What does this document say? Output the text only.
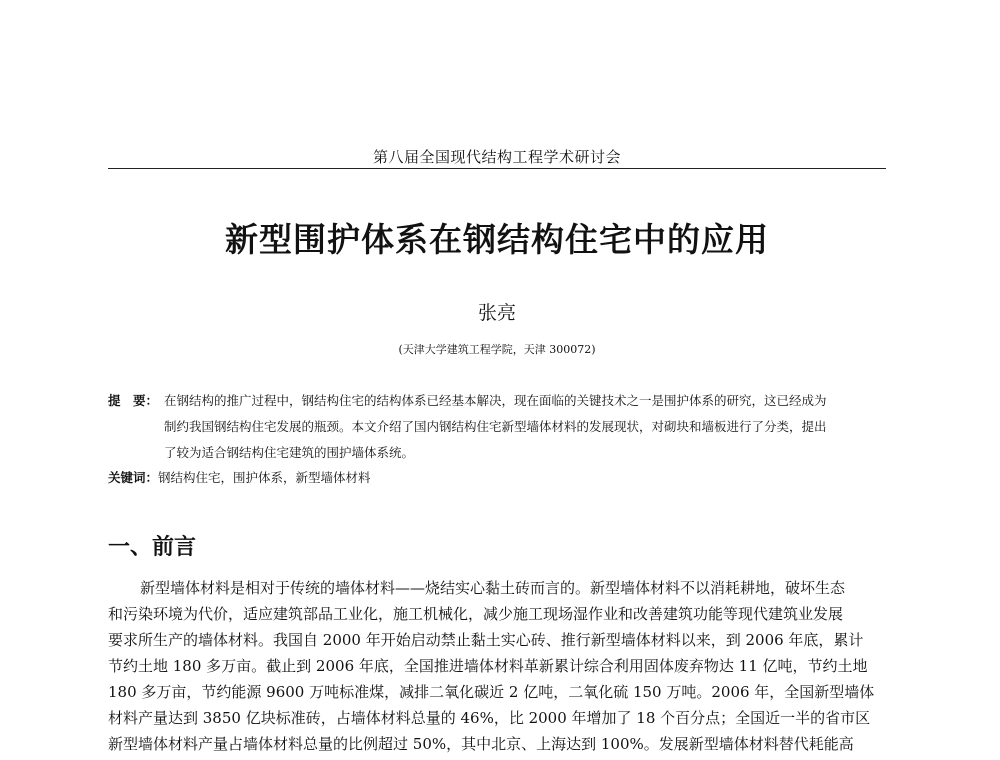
第八届全国现代结构工程学术研讨会
新型围护体系在钢结构住宅中的应用
张亮
(天津大学建筑工程学院，天津 300072)
提　要： 在钢结构的推广过程中，钢结构住宅的结构体系已经基本解决，现在面临的关键技术之一是围护体系的研究，这已经成为
制约我国钢结构住宅发展的瓶颈。本文介绍了国内钢结构住宅新型墙体材料的发展现状，对砌块和墙板进行了分类，提出
了较为适合钢结构住宅建筑的围护墙体系统。
关键词：钢结构住宅，围护体系，新型墙体材料
一、前言
新型墙体材料是相对于传统的墙体材料——烧结实心黏土砖而言的。新型墙体材料不以消耗耕地，破坏生态
和污染环境为代价，适应建筑部品工业化，施工机械化，减少施工现场湿作业和改善建筑功能等现代建筑业发展
要求所生产的墙体材料。我国自 2000 年开始启动禁止黏土实心砖、推行新型墙体材料以来，到 2006 年底，累计
节约土地 180 多万亩。截止到 2006 年底，全国推进墙体材料革新累计综合利用固体废弃物达 11 亿吨，节约土地
180 多万亩，节约能源 9600 万吨标准煤，减排二氧化碳近 2 亿吨，二氧化硫 150 万吨。2006 年，全国新型墙体
材料产量达到 3850 亿块标准砖，占墙体材料总量的 46%，比 2000 年增加了 18 个百分点；全国近一半的省市区
新型墙体材料产量占墙体材料总量的比例超过 50%，其中北京、上海达到 100%。发展新型墙体材料替代耗能高
